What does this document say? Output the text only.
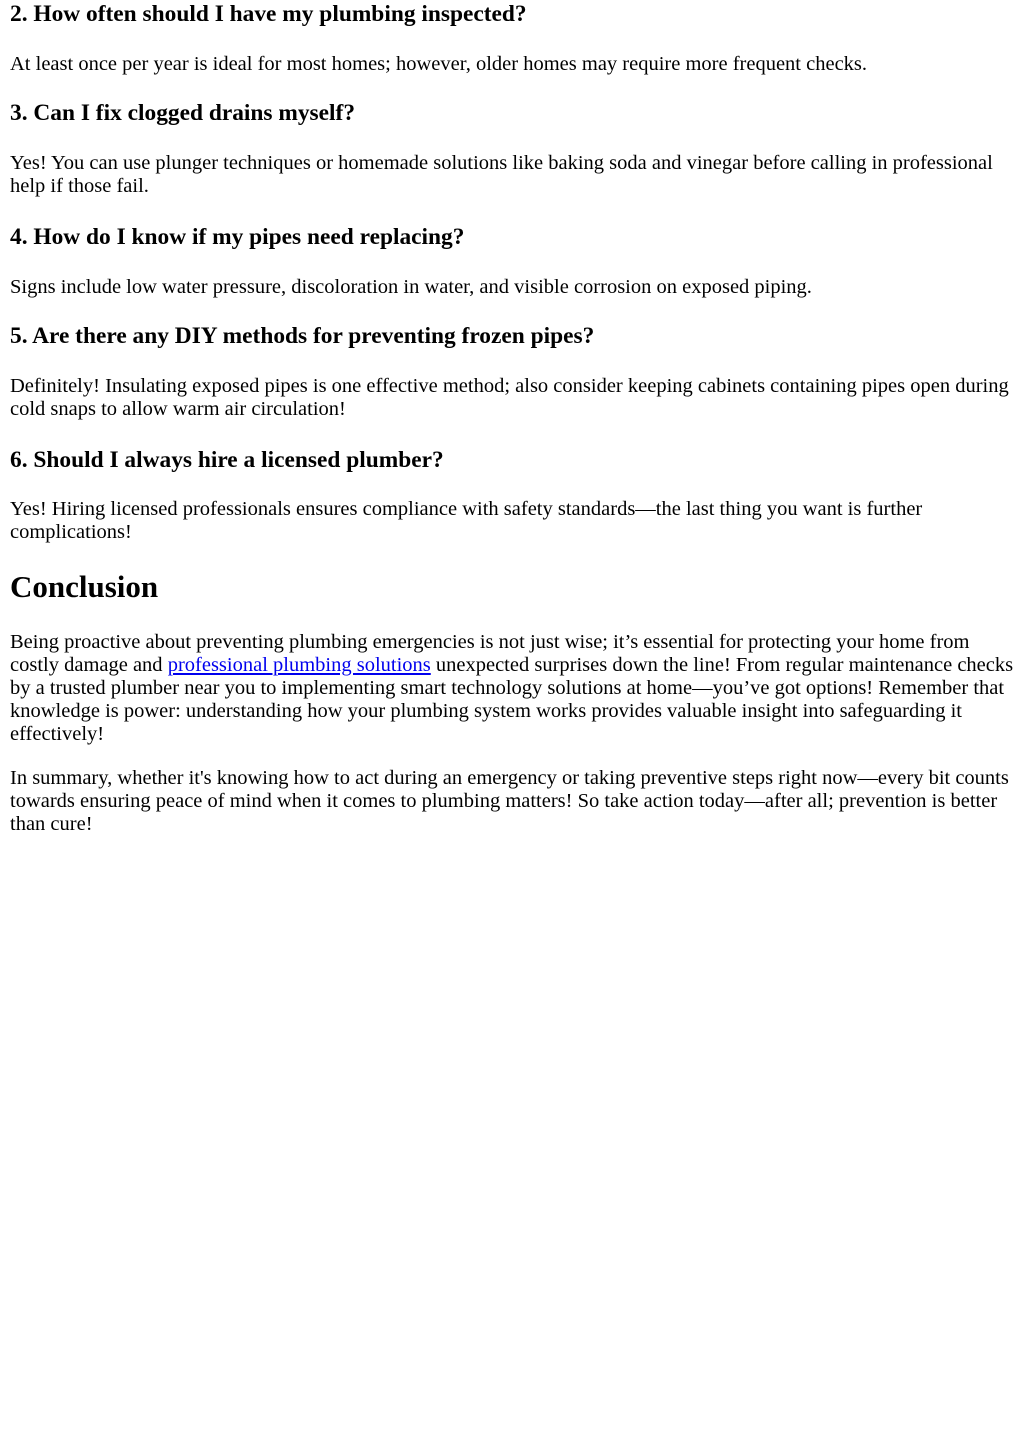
2. How often should I have my plumbing inspected?

At least once per year is ideal for most homes; however, older homes may require more frequent checks.

3. Can I fix clogged drains myself?

Yes! You can use plunger techniques or homemade solutions like baking soda and vinegar before calling in professional help if those fail.

4. How do I know if my pipes need replacing?

Signs include low water pressure, discoloration in water, and visible corrosion on exposed piping.

5. Are there any DIY methods for preventing frozen pipes?

Definitely! Insulating exposed pipes is one effective method; also consider keeping cabinets containing pipes open during cold snaps to allow warm air circulation!

6. Should I always hire a licensed plumber?

Yes! Hiring licensed professionals ensures compliance with safety standards—the last thing you want is further complications!

Conclusion

Being proactive about preventing plumbing emergencies is not just wise; it’s essential for protecting your home from costly damage and professional plumbing solutions unexpected surprises down the line! From regular maintenance checks by a trusted plumber near you to implementing smart technology solutions at home—you’ve got options! Remember that knowledge is power: understanding how your plumbing system works provides valuable insight into safeguarding it effectively!

In summary, whether it's knowing how to act during an emergency or taking preventive steps right now—every bit counts towards ensuring peace of mind when it comes to plumbing matters! So take action today—after all; prevention is better than cure!
